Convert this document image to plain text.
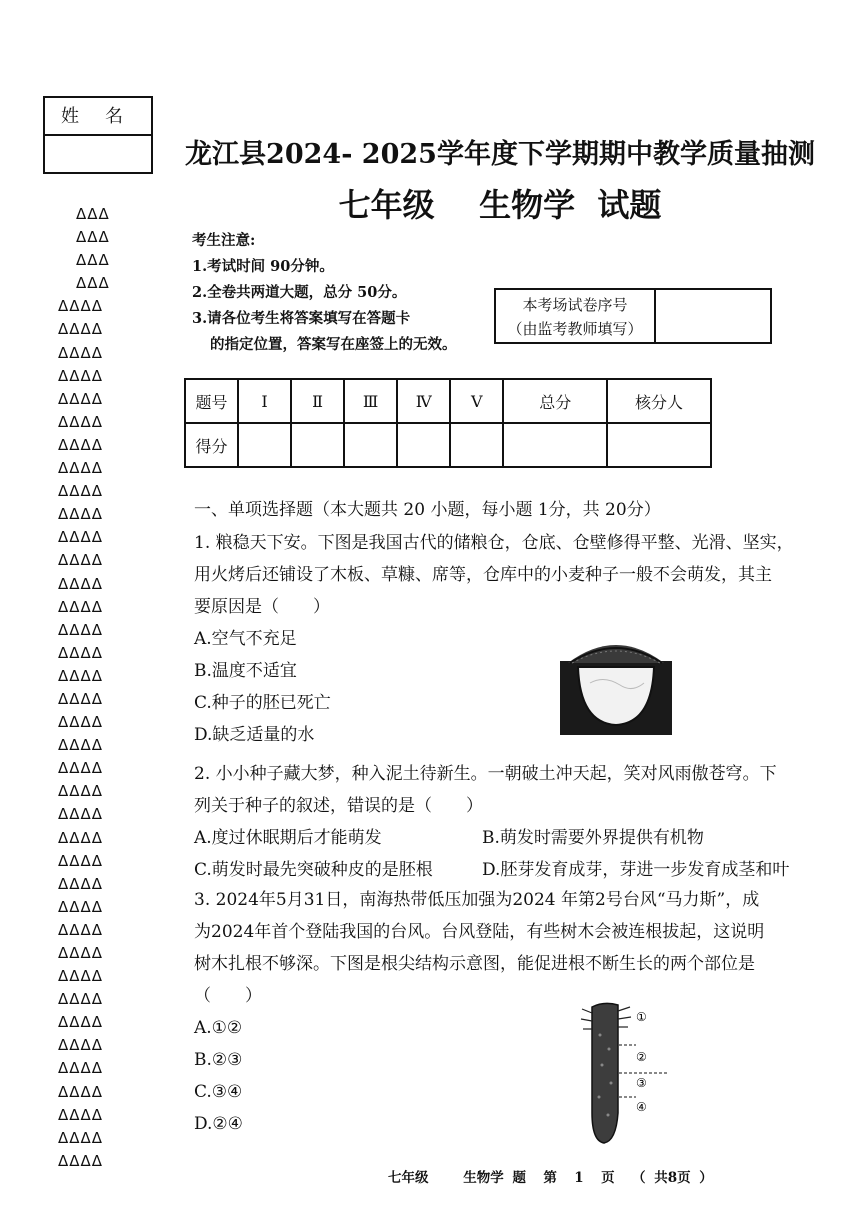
姓名
ΔΔΔ
ΔΔΔ
ΔΔΔ
ΔΔΔ
ΔΔΔΔ
ΔΔΔΔ
ΔΔΔΔ
ΔΔΔΔ
ΔΔΔΔ
ΔΔΔΔ
ΔΔΔΔ
ΔΔΔΔ
ΔΔΔΔ
ΔΔΔΔ
ΔΔΔΔ
ΔΔΔΔ
ΔΔΔΔ
ΔΔΔΔ
ΔΔΔΔ
ΔΔΔΔ
ΔΔΔΔ
ΔΔΔΔ
ΔΔΔΔ
ΔΔΔΔ
ΔΔΔΔ
ΔΔΔΔ
ΔΔΔΔ
ΔΔΔΔ
ΔΔΔΔ
ΔΔΔΔ
ΔΔΔΔ
ΔΔΔΔ
ΔΔΔΔ
ΔΔΔΔ
ΔΔΔΔ
ΔΔΔΔ
ΔΔΔΔ
ΔΔΔΔ
ΔΔΔΔ
ΔΔΔΔ
ΔΔΔΔ
ΔΔΔΔ
龙江县2024- 2025学年度下学期期中教学质量抽测
七年级    生物学  试题
考生注意:
1.考试时间 90分钟。
2.全卷共两道大题，总分 50分。
3.请各位考生将答案填写在答题卡
的指定位置，答案写在座签上的无效。
本考场试卷序号
（由监考教师填写）
题号	Ⅰ	Ⅱ	Ⅲ	Ⅳ	Ⅴ	总分	核分人
得分							
一、单项选择题（本大题共 20 小题，每小题 1分，共 20分）
1. 粮稳天下安。下图是我国古代的储粮仓，仓底、仓壁修得平整、光滑、坚实，
用火烤后还铺设了木板、草糠、席等，仓库中的小麦种子一般不会萌发，其主
要原因是（　　）
A.空气不充足
B.温度不适宜
C.种子的胚已死亡
D.缺乏适量的水
2. 小小种子藏大梦，种入泥土待新生。一朝破土冲天起，笑对风雨傲苍穹。下
列关于种子的叙述，错误的是（　　）
A.度过休眠期后才能萌发	B.萌发时需要外界提供有机物
C.萌发时最先突破种皮的是胚根	D.胚芽发育成芽，芽进一步发育成茎和叶
3. 2024年5月31日，南海热带低压加强为2024 年第2号台风“马力斯”，成
为2024年首个登陆我国的台风。台风登陆，有些树木会被连根拔起，这说明
树木扎根不够深。下图是根尖结构示意图，能促进根不断生长的两个部位是
（　　）
A.①②
B.②③
C.③④
D.②④
①
②
③
④
七年级    生物学 题  第  1  页  （ 共8页 ）
